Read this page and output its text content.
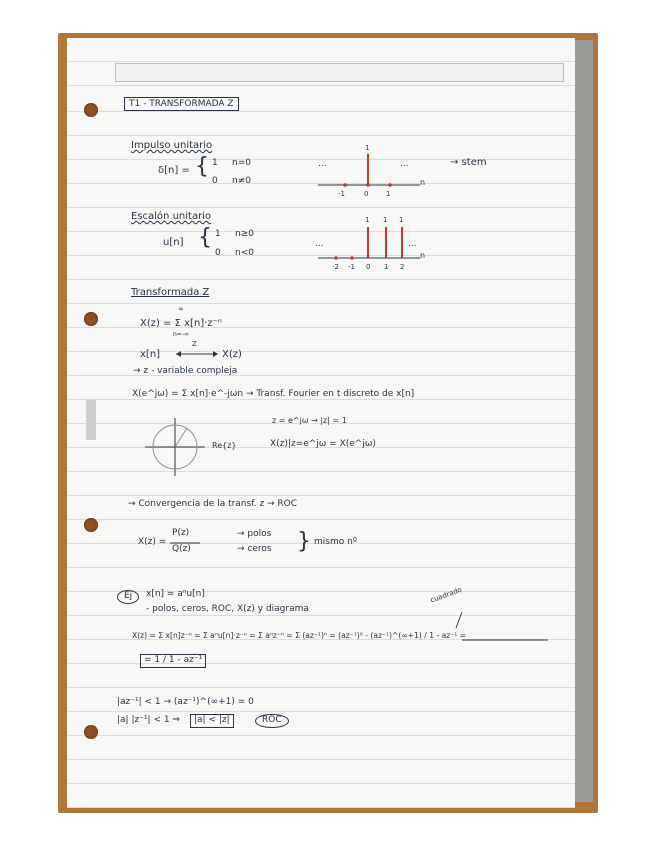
T1 - TRANSFORMADA Z
Impulso unitario
δ[n] = { 1 n=0
0 n≠0
...	...	→ stem
1
-1	0	1
n
Escalón unitario
u[n] { 1 n≥0
0 n<0
...	...
1 1 1
-2 -1 0 1 2
n
Transformada Z
X(z) = Σ x[n]·z⁻ⁿ
∞
n=-∞
x[n]
Z
X(z)
→ z - variable compleja
X(e^jω) = Σ x[n]·e^-jωn → Transf. Fourier en t discreto de x[n]
z = e^jω → |z| = 1
Re{z}	X(z)|z=e^jω = X(e^jω)
→ Convergencia de la transf. z → ROC
X(z) =
P(z)
Q(z)
→ polos
→ ceros } mismo nº
Ej	x[n] = aⁿu[n]
- polos, ceros, ROC, X(z) y diagrama
cuadrado
X(z) = Σ x[n]z⁻ⁿ = Σ aⁿu[n]·z⁻ⁿ = Σ aⁿz⁻ⁿ = Σ (az⁻¹)ⁿ = (az⁻¹)⁰ - (az⁻¹)^(∞+1) / 1 - az⁻¹ =
= 1 / 1 - az⁻¹
|az⁻¹| < 1 → (az⁻¹)^(∞+1) = 0
|a| |z⁻¹| < 1 ⇒	|a| < |z|	ROC
